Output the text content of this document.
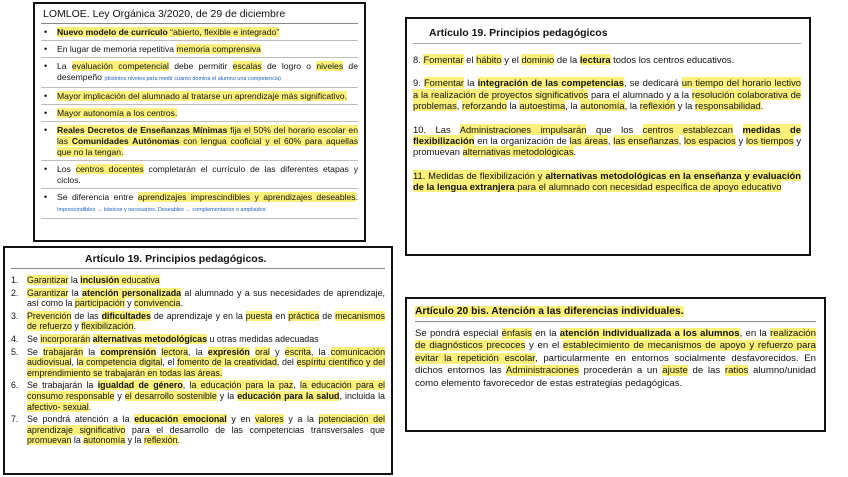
LOMLOE. Ley Orgánica 3/2020, de 29 de diciembre
• Nuevo modelo de currículo “abierto, flexible e integrado”
• En lugar de memoria repetitiva memoria comprensiva
• La evaluación competencial debe permitir escalas de logro o niveles de desempeño (distintos niveles para medir cuánto domina el alumno una competencia)
• Mayor implicación del alumnado al tratarse un aprendizaje más significativo.
• Mayor autonomía a los centros.
• Reales Decretos de Enseñanzas Mínimas fija el 50% del horario escolar en las Comunidades Autónomas con lengua cooficial y el 60% para aquellas que no la tengan.
• Los centros docentes completarán el currículo de las diferentes etapas y ciclos.
• Se diferencia entre aprendizajes imprescindibles y aprendizajes deseables. Imprescindibles → básicos y necesarios. Deseables → complementarios o ampliados
Artículo 19. Principios pedagógicos

8. Fomentar el hábito y el dominio de la lectura todos los centros educativos.

9. Fomentar la integración de las competencias, se dedicará un tiempo del horario lectivo a la realización de proyectos significativos para el alumnado y a la resolución colaborativa de problemas, reforzando la autoestima, la autonomía, la reflexión y la responsabilidad.

10. Las Administraciones impulsarán que los centros establezcan medidas de flexibilización en la organización de las áreas, las enseñanzas, los espacios y los tiempos y promuevan alternativas metodológicas.

11. Medidas de flexibilización y alternativas metodológicas en la enseñanza y evaluación de la lengua extranjera para el alumnado con necesidad específica de apoyo educativo

Artículo 19. Principios pedagógicos.
1. Garantizar la inclusión educativa
2. Garantizar la atención personalizada al alumnado y a sus necesidades de aprendizaje, así como la participación y convivencia.
3. Prevención de las dificultades de aprendizaje y en la puesta en práctica de mecanismos de refuerzo y flexibilización.
4. Se incorporarán alternativas metodológicas u otras medidas adecuadas
5. Se trabajarán la comprensión lectora, la expresión oral y escrita, la comunicación audiovisual, la competencia digital, el fomento de la creatividad, del espíritu científico y del emprendimiento se trabajarán en todas las áreas.
6. Se trabajarán la igualdad de género, la educación para la paz, la educación para el consumo responsable y el desarrollo sostenible y la educación para la salud, incluida la afectivo- sexual.
7. Se pondrá atención a la educación emocional y en valores y a la potenciación del aprendizaje significativo para el desarrollo de las competencias transversales que promuevan la autonomía y la reflexión.
Artículo 20 bis. Atención a las diferencias individuales.

Se pondrá especial énfasis en la atención individualizada a los alumnos, en la realización de diagnósticos precoces y en el establecimiento de mecanismos de apoyo y refuerzo para evitar la repetición escolar, particularmente en entornos socialmente desfavorecidos. En dichos entornos las Administraciones procederán a un ajuste de las ratios alumno/unidad como elemento favorecedor de estas estrategias pedagógicas.
